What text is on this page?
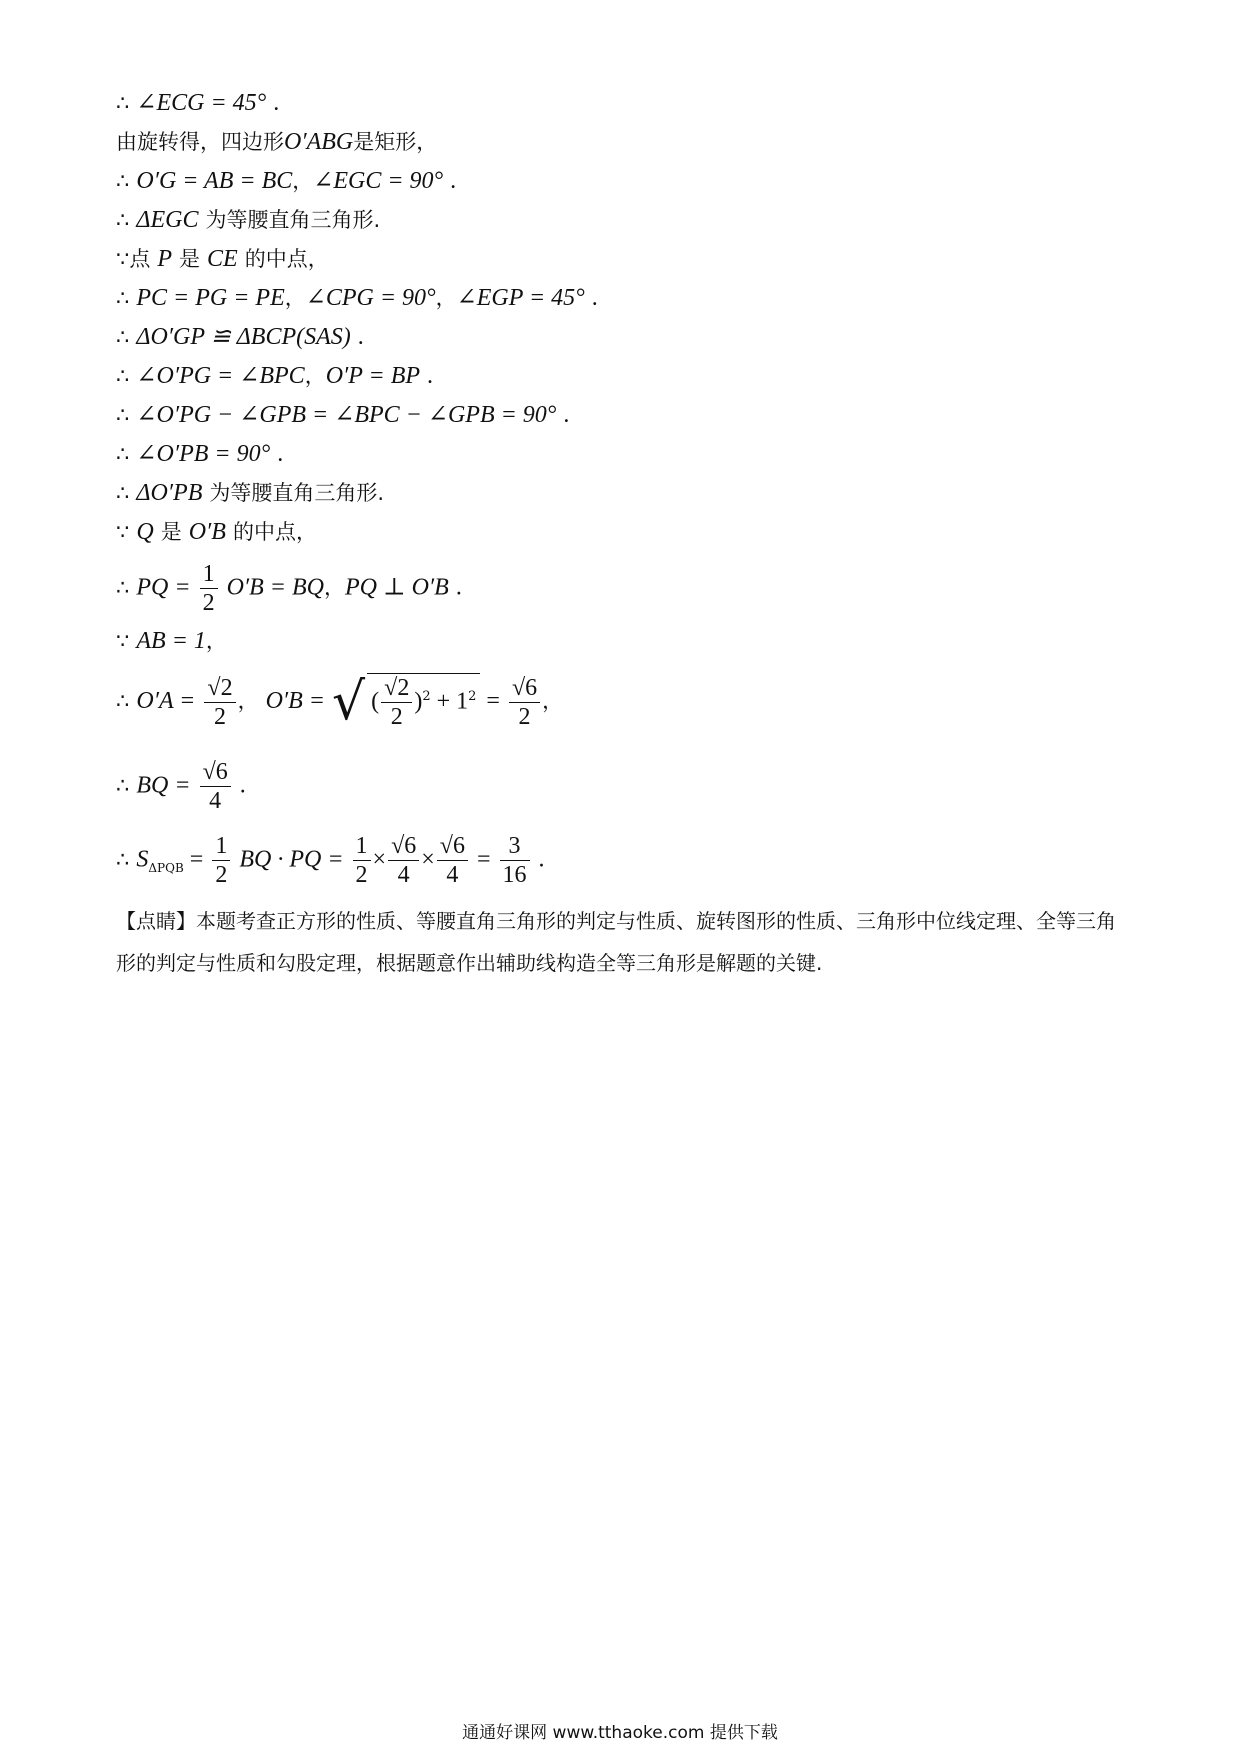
∴ ∠ECG = 45° .
由旋转得，四边形O′ABG是矩形，
∴ O′G = AB = BC，∠EGC = 90° .
∴ ΔEGC 为等腰直角三角形.
∵点 P 是 CE 的中点，
∴ PC = PG = PE，∠CPG = 90°，∠EGP = 45° .
∴ ΔO′GP ≌ ΔBCP(SAS) .
∴ ∠O′PG = ∠BPC，O′P = BP .
∴ ∠O′PG − ∠GPB = ∠BPC − ∠GPB = 90° .
∴ ∠O′PB = 90° .
∴ ΔO′PB 为等腰直角三角形.
∵ Q 是 O′B 的中点，
∴ PQ = $\frac{1}{2} O'B$ = BQ，PQ ⊥ O′B .
∵ AB = 1，
∴ $O'A = \frac{√2}{2}$ ， O′B = √ ( $\frac{√2}{2} )^2 + 1^2 = \frac{√6}{2}$ ，
∴ BQ = $\frac{√6}{4}$ .
∴ $S_{\Delta PQB} = \frac{1}{2}$ BQ · PQ = $\frac{1}{2} \times \frac{√6}{4} \times \frac{√6}{4} = \frac{3}{16}$ .
【点睛】本题考查正方形的性质、等腰直角三角形的判定与性质、旋转图形的性质、三角形中位线定理、全等三角形的判定与性质和勾股定理，根据题意作出辅助线构造全等三角形是解题的关键.
通通好课网 www.tthaoke.com 提供下载
